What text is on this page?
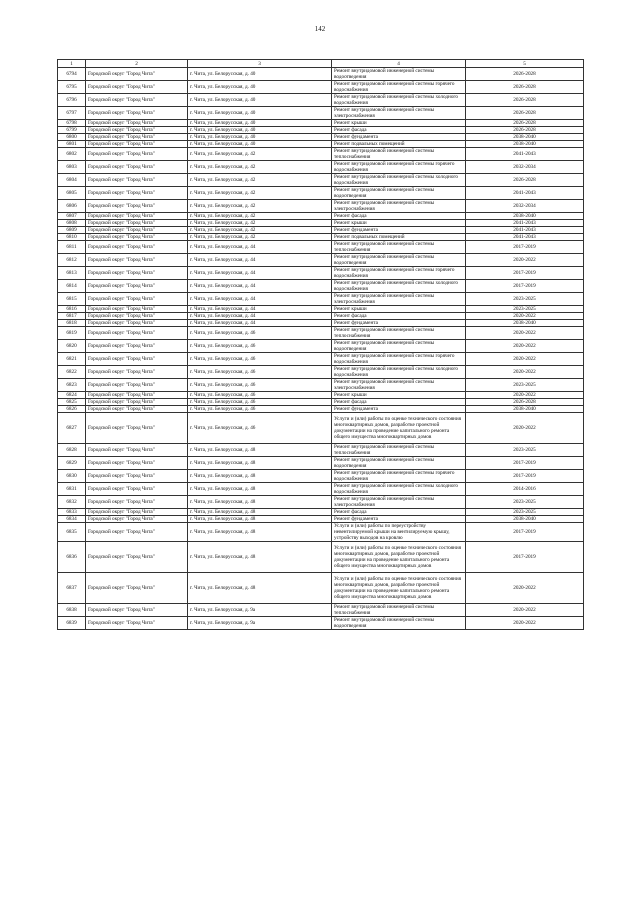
142
1	2	3	4	5
6794	Городской округ "Город Чита"	г. Чита, ул. Белорусская, д. 40	Ремонт внутридомовой инженерной системы водоотведения	2026-2028
6795	Городской округ "Город Чита"	г. Чита, ул. Белорусская, д. 40	Ремонт внутридомовой инженерной системы горячего водоснабжения	2026-2028
6796	Городской округ "Город Чита"	г. Чита, ул. Белорусская, д. 40	Ремонт внутридомовой инженерной системы холодного водоснабжения	2026-2028
6797	Городской округ "Город Чита"	г. Чита, ул. Белорусская, д. 40	Ремонт внутридомовой инженерной системы электроснабжения	2026-2028
6798	Городской округ "Город Чита"	г. Чита, ул. Белорусская, д. 40	Ремонт крыши	2026-2028
6799	Городской округ "Город Чита"	г. Чита, ул. Белорусская, д. 40	Ремонт фасада	2026-2028
6800	Городской округ "Город Чита"	г. Чита, ул. Белорусская, д. 40	Ремонт фундамента	2038-2040
6801	Городской округ "Город Чита"	г. Чита, ул. Белорусская, д. 40	Ремонт подвальных помещений	2038-2040
6802	Городской округ "Город Чита"	г. Чита, ул. Белорусская, д. 42	Ремонт внутридомовой инженерной системы теплоснабжения	2041-2043
6803	Городской округ "Город Чита"	г. Чита, ул. Белорусская, д. 42	Ремонт внутридомовой инженерной системы горячего водоснабжения	2032-2034
6804	Городской округ "Город Чита"	г. Чита, ул. Белорусская, д. 42	Ремонт внутридомовой инженерной системы холодного водоснабжения	2026-2028
6805	Городской округ "Город Чита"	г. Чита, ул. Белорусская, д. 42	Ремонт внутридомовой инженерной системы водоотведения	2041-2043
6806	Городской округ "Город Чита"	г. Чита, ул. Белорусская, д. 42	Ремонт внутридомовой инженерной системы электроснабжения	2032-2034
6807	Городской округ "Город Чита"	г. Чита, ул. Белорусская, д. 42	Ремонт фасада	2038-2040
6808	Городской округ "Город Чита"	г. Чита, ул. Белорусская, д. 42	Ремонт крыши	2041-2043
6809	Городской округ "Город Чита"	г. Чита, ул. Белорусская, д. 42	Ремонт фундамента	2041-2043
6810	Городской округ "Город Чита"	г. Чита, ул. Белорусская, д. 42	Ремонт подвальных помещений	2041-2043
6811	Городской округ "Город Чита"	г. Чита, ул. Белорусская, д. 44	Ремонт внутридомовой инженерной системы теплоснабжения	2017-2019
6812	Городской округ "Город Чита"	г. Чита, ул. Белорусская, д. 44	Ремонт внутридомовой инженерной системы водоотведения	2020-2022
6813	Городской округ "Город Чита"	г. Чита, ул. Белорусская, д. 44	Ремонт внутридомовой инженерной системы горячего водоснабжения	2017-2019
6814	Городской округ "Город Чита"	г. Чита, ул. Белорусская, д. 44	Ремонт внутридомовой инженерной системы холодного водоснабжения	2017-2019
6815	Городской округ "Город Чита"	г. Чита, ул. Белорусская, д. 44	Ремонт внутридомовой инженерной системы электроснабжения	2023-2025
6816	Городской округ "Город Чита"	г. Чита, ул. Белорусская, д. 44	Ремонт крыши	2023-2025
6817	Городской округ "Город Чита"	г. Чита, ул. Белорусская, д. 44	Ремонт фасада	2020-2022
6818	Городской округ "Город Чита"	г. Чита, ул. Белорусская, д. 44	Ремонт фундамента	2038-2040
6819	Городской округ "Город Чита"	г. Чита, ул. Белорусская, д. 46	Ремонт внутридомовой инженерной системы теплоснабжения	2020-2022
6820	Городской округ "Город Чита"	г. Чита, ул. Белорусская, д. 46	Ремонт внутридомовой инженерной системы водоотведения	2020-2022
6821	Городской округ "Город Чита"	г. Чита, ул. Белорусская, д. 46	Ремонт внутридомовой инженерной системы горячего водоснабжения	2020-2022
6822	Городской округ "Город Чита"	г. Чита, ул. Белорусская, д. 46	Ремонт внутридомовой инженерной системы холодного водоснабжения	2020-2022
6823	Городской округ "Город Чита"	г. Чита, ул. Белорусская, д. 46	Ремонт внутридомовой инженерной системы электроснабжения	2023-2025
6824	Городской округ "Город Чита"	г. Чита, ул. Белорусская, д. 46	Ремонт крыши	2020-2022
6825	Городской округ "Город Чита"	г. Чита, ул. Белорусская, д. 46	Ремонт фасада	2026-2028
6826	Городской округ "Город Чита"	г. Чита, ул. Белорусская, д. 46	Ремонт фундамента	2038-2040
6827	Городской округ "Город Чита"	г. Чита, ул. Белорусская, д. 46	Услуги и (или) работы по оценке технического состояния многоквартирных домов, разработке проектной документации на проведение капитального ремонта общего имущества многоквартирных домов	2020-2022
6828	Городской округ "Город Чита"	г. Чита, ул. Белорусская, д. 48	Ремонт внутридомовой инженерной системы теплоснабжения	2023-2025
6829	Городской округ "Город Чита"	г. Чита, ул. Белорусская, д. 48	Ремонт внутридомовой инженерной системы водоотведения	2017-2019
6830	Городской округ "Город Чита"	г. Чита, ул. Белорусская, д. 48	Ремонт внутридомовой инженерной системы горячего водоснабжения	2017-2019
6831	Городской округ "Город Чита"	г. Чита, ул. Белорусская, д. 48	Ремонт внутридомовой инженерной системы холодного водоснабжения	2014-2016
6832	Городской округ "Город Чита"	г. Чита, ул. Белорусская, д. 48	Ремонт внутридомовой инженерной системы электроснабжения	2023-2025
6833	Городской округ "Город Чита"	г. Чита, ул. Белорусская, д. 48	Ремонт фасада	2023-2025
6834	Городской округ "Город Чита"	г. Чита, ул. Белорусская, д. 48	Ремонт фундамента	2038-2040
6835	Городской округ "Город Чита"	г. Чита, ул. Белорусская, д. 48	Услуги и (или) работы по переустройству невентилируемой крыши на вентилируемую крышу, устройству выходов на кровлю	2017-2019
6836	Городской округ "Город Чита"	г. Чита, ул. Белорусская, д. 48	Услуги и (или) работы по оценке технического состояния многоквартирных домов, разработке проектной документации на проведение капитального ремонта общего имущества многоквартирных домов	2017-2019
6837	Городской округ "Город Чита"	г. Чита, ул. Белорусская, д. 48	Услуги и (или) работы по оценке технического состояния многоквартирных домов, разработке проектной документации на проведение капитального ремонта общего имущества многоквартирных домов	2020-2022
6838	Городской округ "Город Чита"	г. Чита, ул. Белорусская, д. 9а	Ремонт внутридомовой инженерной системы теплоснабжения	2020-2022
6839	Городской округ "Город Чита"	г. Чита, ул. Белорусская, д. 9а	Ремонт внутридомовой инженерной системы водоотведения	2020-2022
